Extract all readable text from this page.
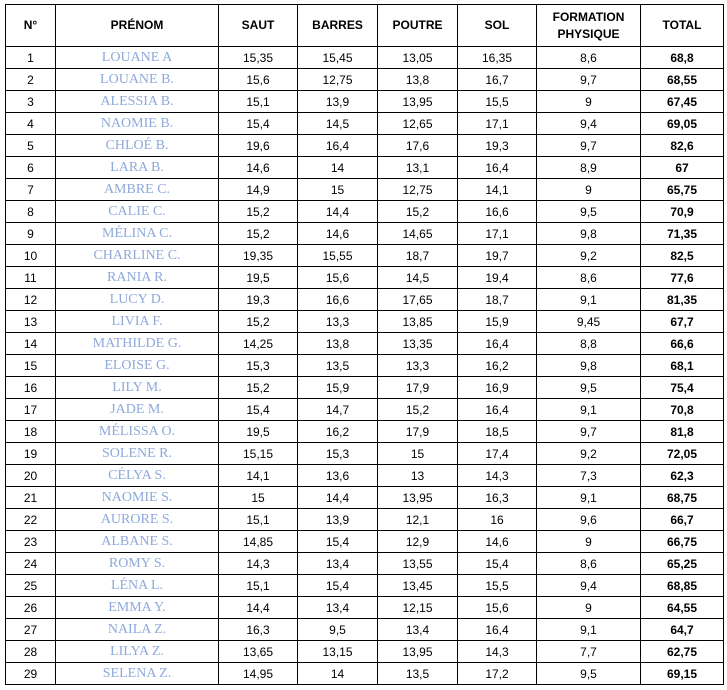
N°	PRÉNOM	SAUT	BARRES	POUTRE	SOL	FORMATION PHYSIQUE	TOTAL
1	LOUANE A	15,35	15,45	13,05	16,35	8,6	68,8
2	LOUANE B.	15,6	12,75	13,8	16,7	9,7	68,55
3	ALESSIA B.	15,1	13,9	13,95	15,5	9	67,45
4	NAOMIE B.	15,4	14,5	12,65	17,1	9,4	69,05
5	CHLOÉ B.	19,6	16,4	17,6	19,3	9,7	82,6
6	LARA B.	14,6	14	13,1	16,4	8,9	67
7	AMBRE C.	14,9	15	12,75	14,1	9	65,75
8	CALIE C.	15,2	14,4	15,2	16,6	9,5	70,9
9	MÉLINA C.	15,2	14,6	14,65	17,1	9,8	71,35
10	CHARLINE C.	19,35	15,55	18,7	19,7	9,2	82,5
11	RANIA R.	19,5	15,6	14,5	19,4	8,6	77,6
12	LUCY D.	19,3	16,6	17,65	18,7	9,1	81,35
13	LIVIA F.	15,2	13,3	13,85	15,9	9,45	67,7
14	MATHILDE G.	14,25	13,8	13,35	16,4	8,8	66,6
15	ELOISE G.	15,3	13,5	13,3	16,2	9,8	68,1
16	LILY M.	15,2	15,9	17,9	16,9	9,5	75,4
17	JADE M.	15,4	14,7	15,2	16,4	9,1	70,8
18	MÉLISSA O.	19,5	16,2	17,9	18,5	9,7	81,8
19	SOLENE R.	15,15	15,3	15	17,4	9,2	72,05
20	CÉLYA S.	14,1	13,6	13	14,3	7,3	62,3
21	NAOMIE S.	15	14,4	13,95	16,3	9,1	68,75
22	AURORE S.	15,1	13,9	12,1	16	9,6	66,7
23	ALBANE S.	14,85	15,4	12,9	14,6	9	66,75
24	ROMY S.	14,3	13,4	13,55	15,4	8,6	65,25
25	LÉNA L.	15,1	15,4	13,45	15,5	9,4	68,85
26	EMMA Y.	14,4	13,4	12,15	15,6	9	64,55
27	NAILA Z.	16,3	9,5	13,4	16,4	9,1	64,7
28	LILYA Z.	13,65	13,15	13,95	14,3	7,7	62,75
29	SELENA Z.	14,95	14	13,5	17,2	9,5	69,15
